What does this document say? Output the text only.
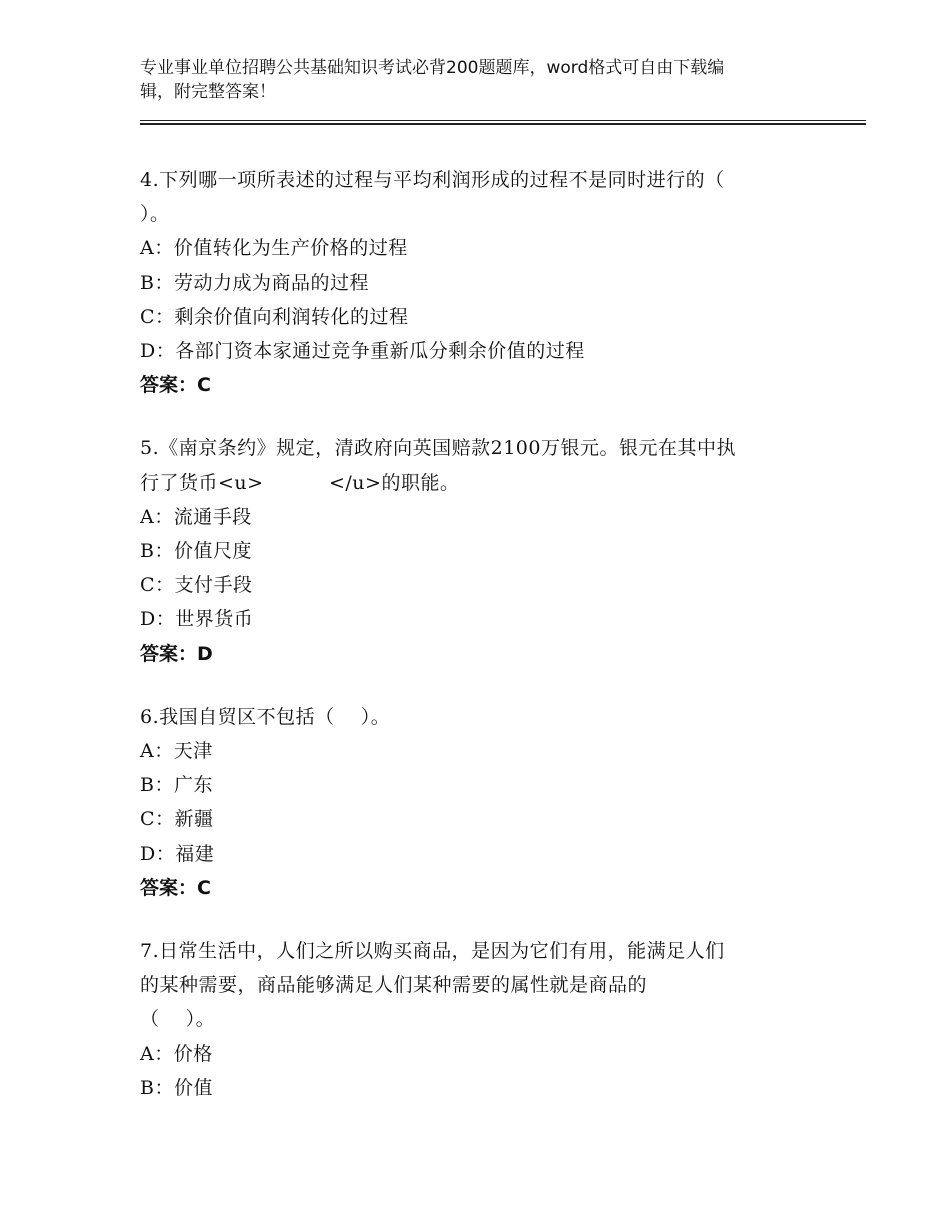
专业事业单位招聘公共基础知识考试必背200题题库，word格式可自由下载编
辑，附完整答案！
4.下列哪一项所表述的过程与平均利润形成的过程不是同时进行的（
）。
A：价值转化为生产价格的过程
B：劳动力成为商品的过程
C：剩余价值向利润转化的过程
D：各部门资本家通过竞争重新瓜分剩余价值的过程
答案：C
5.《南京条约》规定，清政府向英国赔款2100万银元。银元在其中执
行了货币<u>          </u>的职能。
A：流通手段
B：价值尺度
C：支付手段
D：世界货币
答案：D
6.我国自贸区不包括（    ）。
A：天津
B：广东
C：新疆
D：福建
答案：C
7.日常生活中，人们之所以购买商品，是因为它们有用，能满足人们
的某种需要，商品能够满足人们某种需要的属性就是商品的
（    ）。
A：价格
B：价值
